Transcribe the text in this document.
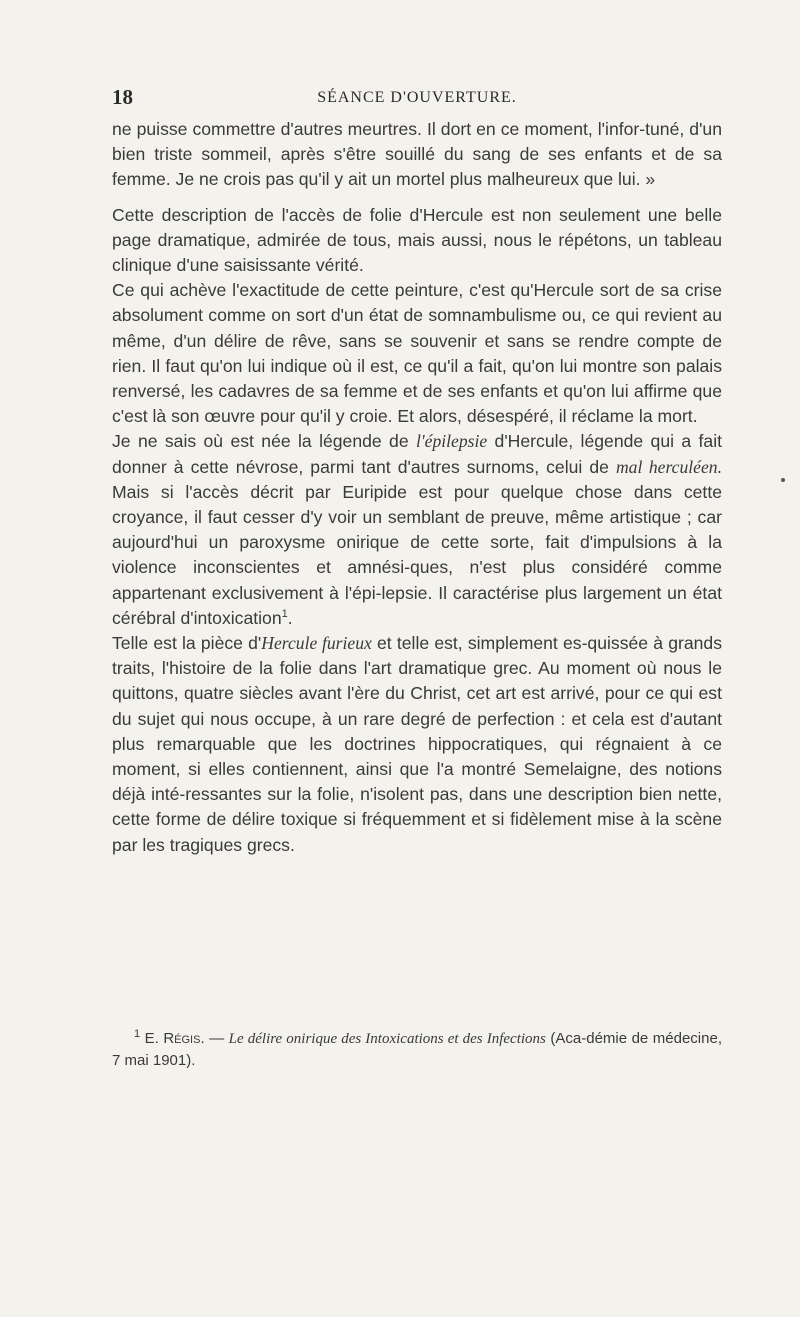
18	SÉANCE D'OUVERTURE.

ne puisse commettre d'autres meurtres. Il dort en ce moment, l'infor-tuné, d'un bien triste sommeil, après s'être souillé du sang de ses enfants et de sa femme. Je ne crois pas qu'il y ait un mortel plus malheureux que lui. »

Cette description de l'accès de folie d'Hercule est non seulement une belle page dramatique, admirée de tous, mais aussi, nous le répétons, un tableau clinique d'une saisissante vérité.

Ce qui achève l'exactitude de cette peinture, c'est qu'Hercule sort de sa crise absolument comme on sort d'un état de somnambulisme ou, ce qui revient au même, d'un délire de rêve, sans se souvenir et sans se rendre compte de rien. Il faut qu'on lui indique où il est, ce qu'il a fait, qu'on lui montre son palais renversé, les cadavres de sa femme et de ses enfants et qu'on lui affirme que c'est là son œuvre pour qu'il y croie. Et alors, désespéré, il réclame la mort.

Je ne sais où est née la légende de l'épilepsie d'Hercule, légende qui a fait donner à cette névrose, parmi tant d'autres surnoms, celui de mal herculéen. Mais si l'accès décrit par Euripide est pour quelque chose dans cette croyance, il faut cesser d'y voir un semblant de preuve, même artistique ; car aujourd'hui un paroxysme onirique de cette sorte, fait d'impulsions à la violence inconscientes et amnési-ques, n'est plus considéré comme appartenant exclusivement à l'épi-lepsie. Il caractérise plus largement un état cérébral d'intoxication$^1$.

Telle est la pièce d'Hercule furieux et telle est, simplement es-quissée à grands traits, l'histoire de la folie dans l'art dramatique grec. Au moment où nous le quittons, quatre siècles avant l'ère du Christ, cet art est arrivé, pour ce qui est du sujet qui nous occupe, à un rare degré de perfection : et cela est d'autant plus remarquable que les doctrines hippocratiques, qui régnaient à ce moment, si elles contiennent, ainsi que l'a montré Semelaigne, des notions déjà inté-ressantes sur la folie, n'isolent pas, dans une description bien nette, cette forme de délire toxique si fréquemment et si fidèlement mise à la scène par les tragiques grecs.

$^1$ E. Régis. — Le délire onirique des Intoxications et des Infections (Aca-démie de médecine, 7 mai 1901).
